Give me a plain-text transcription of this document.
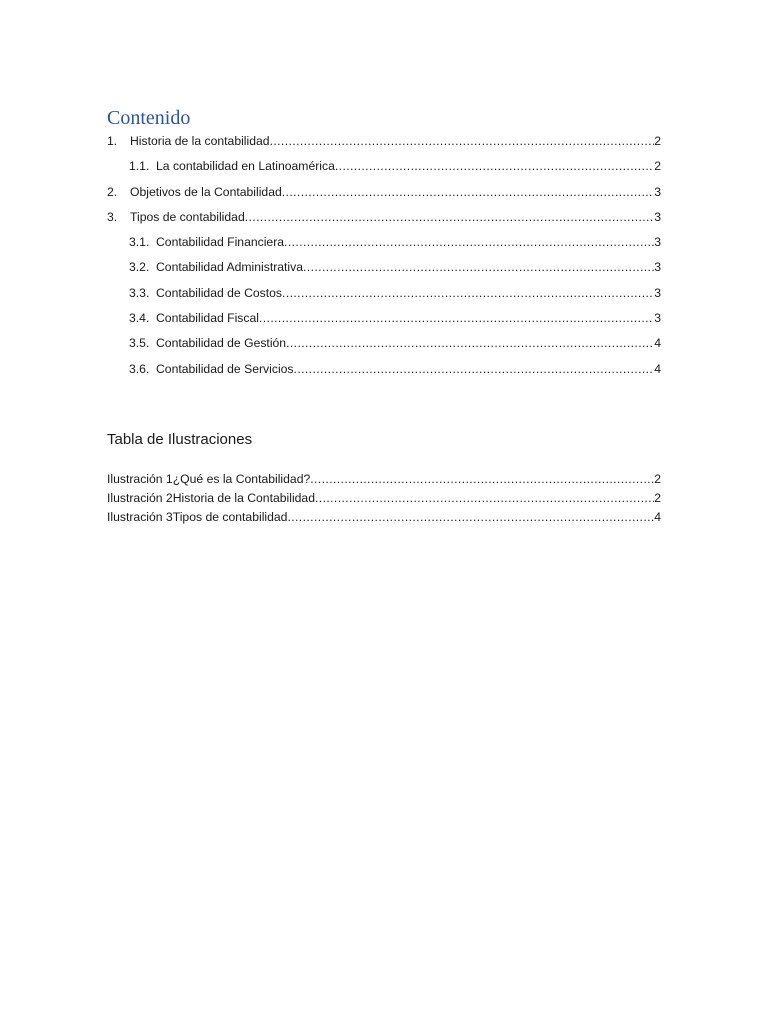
Contenido
1.	Historia de la contabilidad .....	2
1.1. La contabilidad en Latinoamérica .....	2
2.	Objetivos de la Contabilidad .....	3
3.	Tipos de contabilidad .....	3
3.1. Contabilidad Financiera .....	3
3.2. Contabilidad Administrativa .....	3
3.3. Contabilidad de Costos .....	3
3.4. Contabilidad Fiscal .....	3
3.5. Contabilidad de Gestión .....	4
3.6. Contabilidad de Servicios .....	4
Tabla de Ilustraciones
Ilustración 1 ¿Qué es la Contabilidad? .....	2
Ilustración 2 Historia de la Contabilidad .....	2
Ilustración 3 Tipos de contabilidad .....	4
